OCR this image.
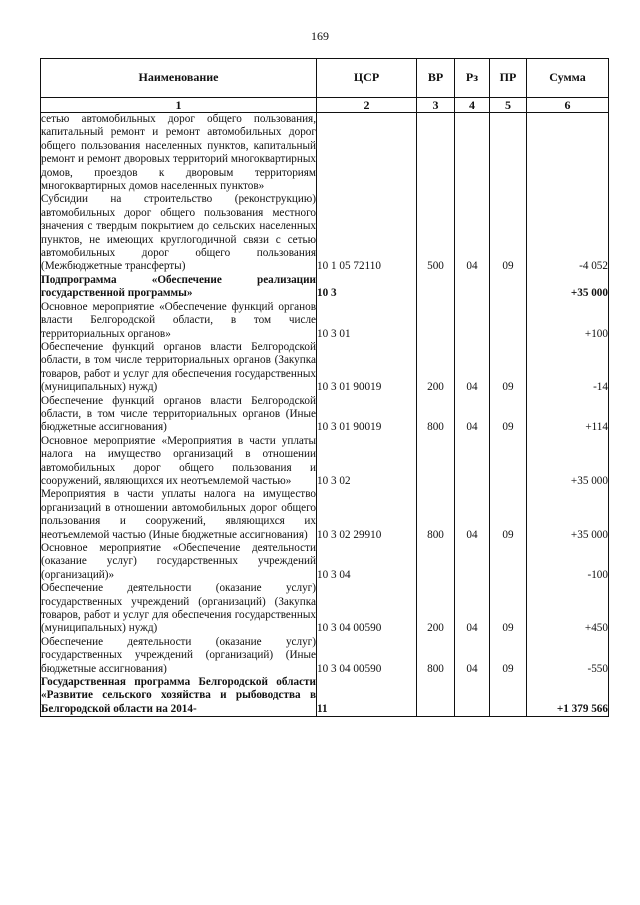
169
Наименование	ЦСР	ВР	Рз	ПР	Сумма
1	2	3	4	5	6

сетью автомобильных дорог общего пользования, капитальный ремонт и ремонт автомобильных дорог общего пользования населенных пунктов, капитальный ремонт и ремонт дворовых территорий многоквартирных домов, проездов к дворовым территориям многоквартирных домов населенных пунктов»					

Субсидии на строительство (реконструкцию) автомобильных дорог общего пользования местного значения с твердым покрытием до сельских населенных пунктов, не имеющих круглогодичной связи с сетью автомобильных дорог общего пользования (Межбюджетные трансферты)	10 1 05 72110	500	04	09	-4 052

Подпрограмма «Обеспечение реализации государственной программы»	10 3				+35 000

Основное мероприятие «Обеспечение функций органов власти Белгородской области, в том числе территориальных органов»	10 3 01				+100

Обеспечение функций органов власти Белгородской области, в том числе территориальных органов (Закупка товаров, работ и услуг для обеспечения государственных (муниципальных) нужд)	10 3 01 90019	200	04	09	-14

Обеспечение функций органов власти Белгородской области, в том числе территориальных органов (Иные бюджетные ассигнования)	10 3 01 90019	800	04	09	+114

Основное мероприятие «Мероприятия в части уплаты налога на имущество организаций в отношении автомобильных дорог общего пользования и сооружений, являющихся их неотъемлемой частью»	10 3 02				+35 000

Мероприятия в части уплаты налога на имущество организаций в отношении автомобильных дорог общего пользования и сооружений, являющихся их неотъемлемой частью (Иные бюджетные ассигнования)	10 3 02 29910	800	04	09	+35 000

Основное мероприятие «Обеспечение деятельности (оказание услуг) государственных учреждений (организаций)»	10 3 04				-100

Обеспечение деятельности (оказание услуг) государственных учреждений (организаций) (Закупка товаров, работ и услуг для обеспечения государственных (муниципальных) нужд)	10 3 04 00590	200	04	09	+450

Обеспечение деятельности (оказание услуг) государственных учреждений (организаций) (Иные бюджетные ассигнования)	10 3 04 00590	800	04	09	-550

Государственная программа Белгородской области «Развитие сельского хозяйства и рыбоводства в Белгородской области на 2014-	11				+1 379 566
